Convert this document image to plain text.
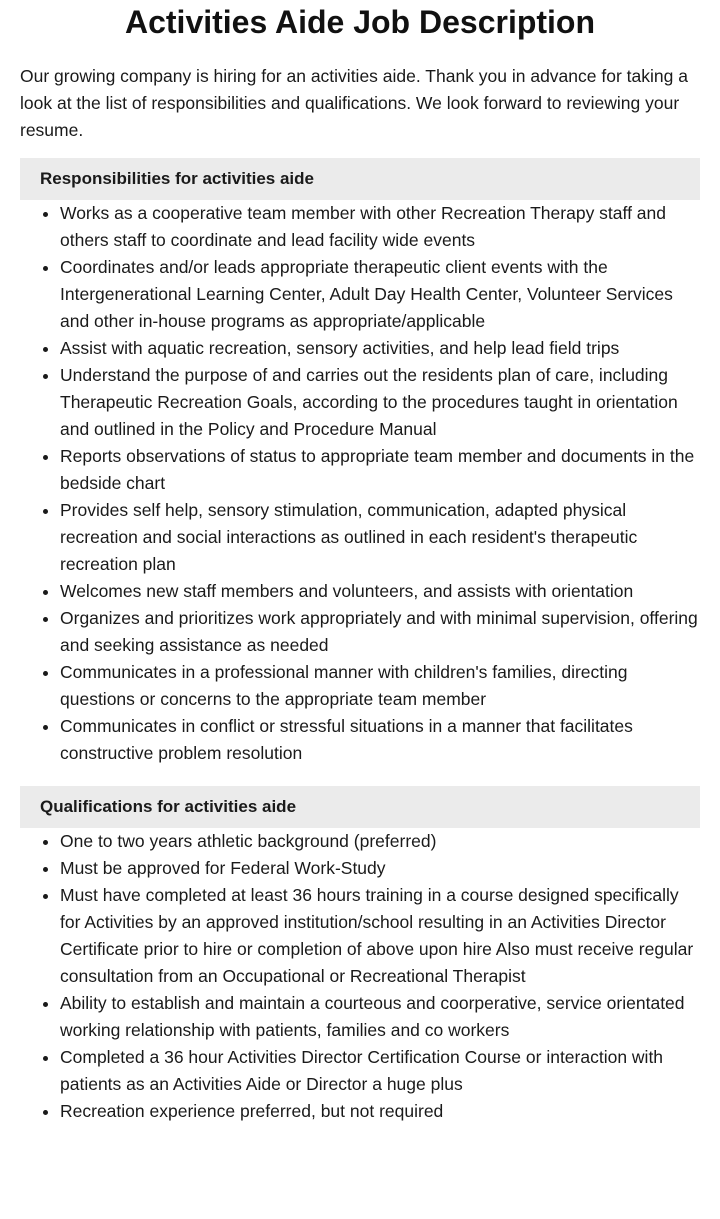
Activities Aide Job Description

Our growing company is hiring for an activities aide. Thank you in advance for taking a look at the list of responsibilities and qualifications. We look forward to reviewing your resume.

Responsibilities for activities aide
• Works as a cooperative team member with other Recreation Therapy staff and others staff to coordinate and lead facility wide events
• Coordinates and/or leads appropriate therapeutic client events with the Intergenerational Learning Center, Adult Day Health Center, Volunteer Services and other in-house programs as appropriate/applicable
• Assist with aquatic recreation, sensory activities, and help lead field trips
• Understand the purpose of and carries out the residents plan of care, including Therapeutic Recreation Goals, according to the procedures taught in orientation and outlined in the Policy and Procedure Manual
• Reports observations of status to appropriate team member and documents in the bedside chart
• Provides self help, sensory stimulation, communication, adapted physical recreation and social interactions as outlined in each resident's therapeutic recreation plan
• Welcomes new staff members and volunteers, and assists with orientation
• Organizes and prioritizes work appropriately and with minimal supervision, offering and seeking assistance as needed
• Communicates in a professional manner with children's families, directing questions or concerns to the appropriate team member
• Communicates in conflict or stressful situations in a manner that facilitates constructive problem resolution
Qualifications for activities aide
• One to two years athletic background (preferred)
• Must be approved for Federal Work-Study
• Must have completed at least 36 hours training in a course designed specifically for Activities by an approved institution/school resulting in an Activities Director Certificate prior to hire or completion of above upon hire Also must receive regular consultation from an Occupational or Recreational Therapist
• Ability to establish and maintain a courteous and coorperative, service orientated working relationship with patients, families and co workers
• Completed a 36 hour Activities Director Certification Course or interaction with patients as an Activities Aide or Director a huge plus
• Recreation experience preferred, but not required
